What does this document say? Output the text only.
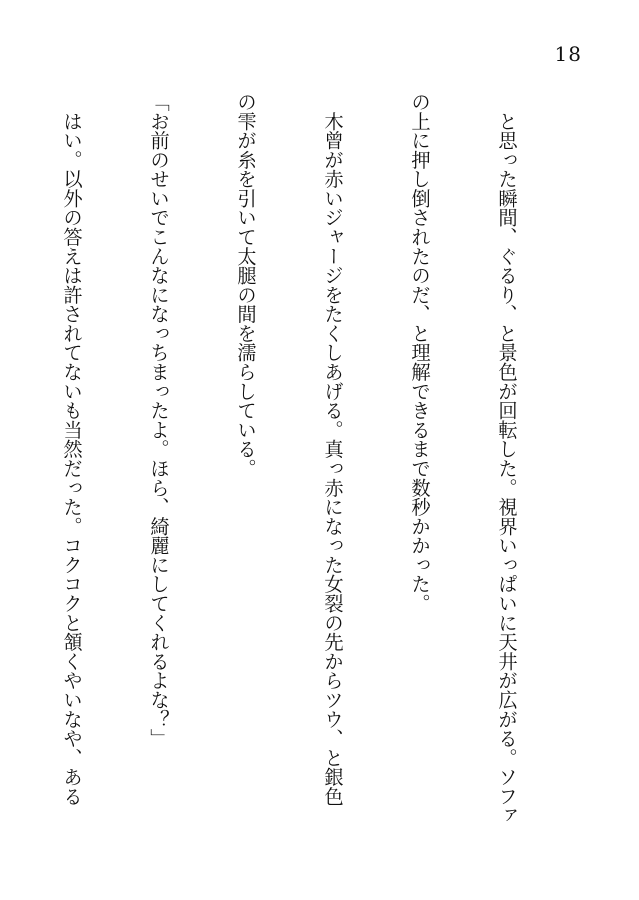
18

　と思った瞬間、ぐるり、と景色が回転した。視界いっぱいに天井が広がる。ソファ

の上に押し倒されたのだ、と理解できるまで数秒かかった。

　木曾が赤いジャージをたくしあげる。真っ赤になった女裂の先からツウ、と銀色

の雫が糸を引いて太腿の間を濡らしている。

「お前のせいでこんなになっちまったよ。ほら、綺麗にしてくれるよな？」

　はい。以外の答えは許されてないも当然だった。コクコクと頷くやいなや、ある
